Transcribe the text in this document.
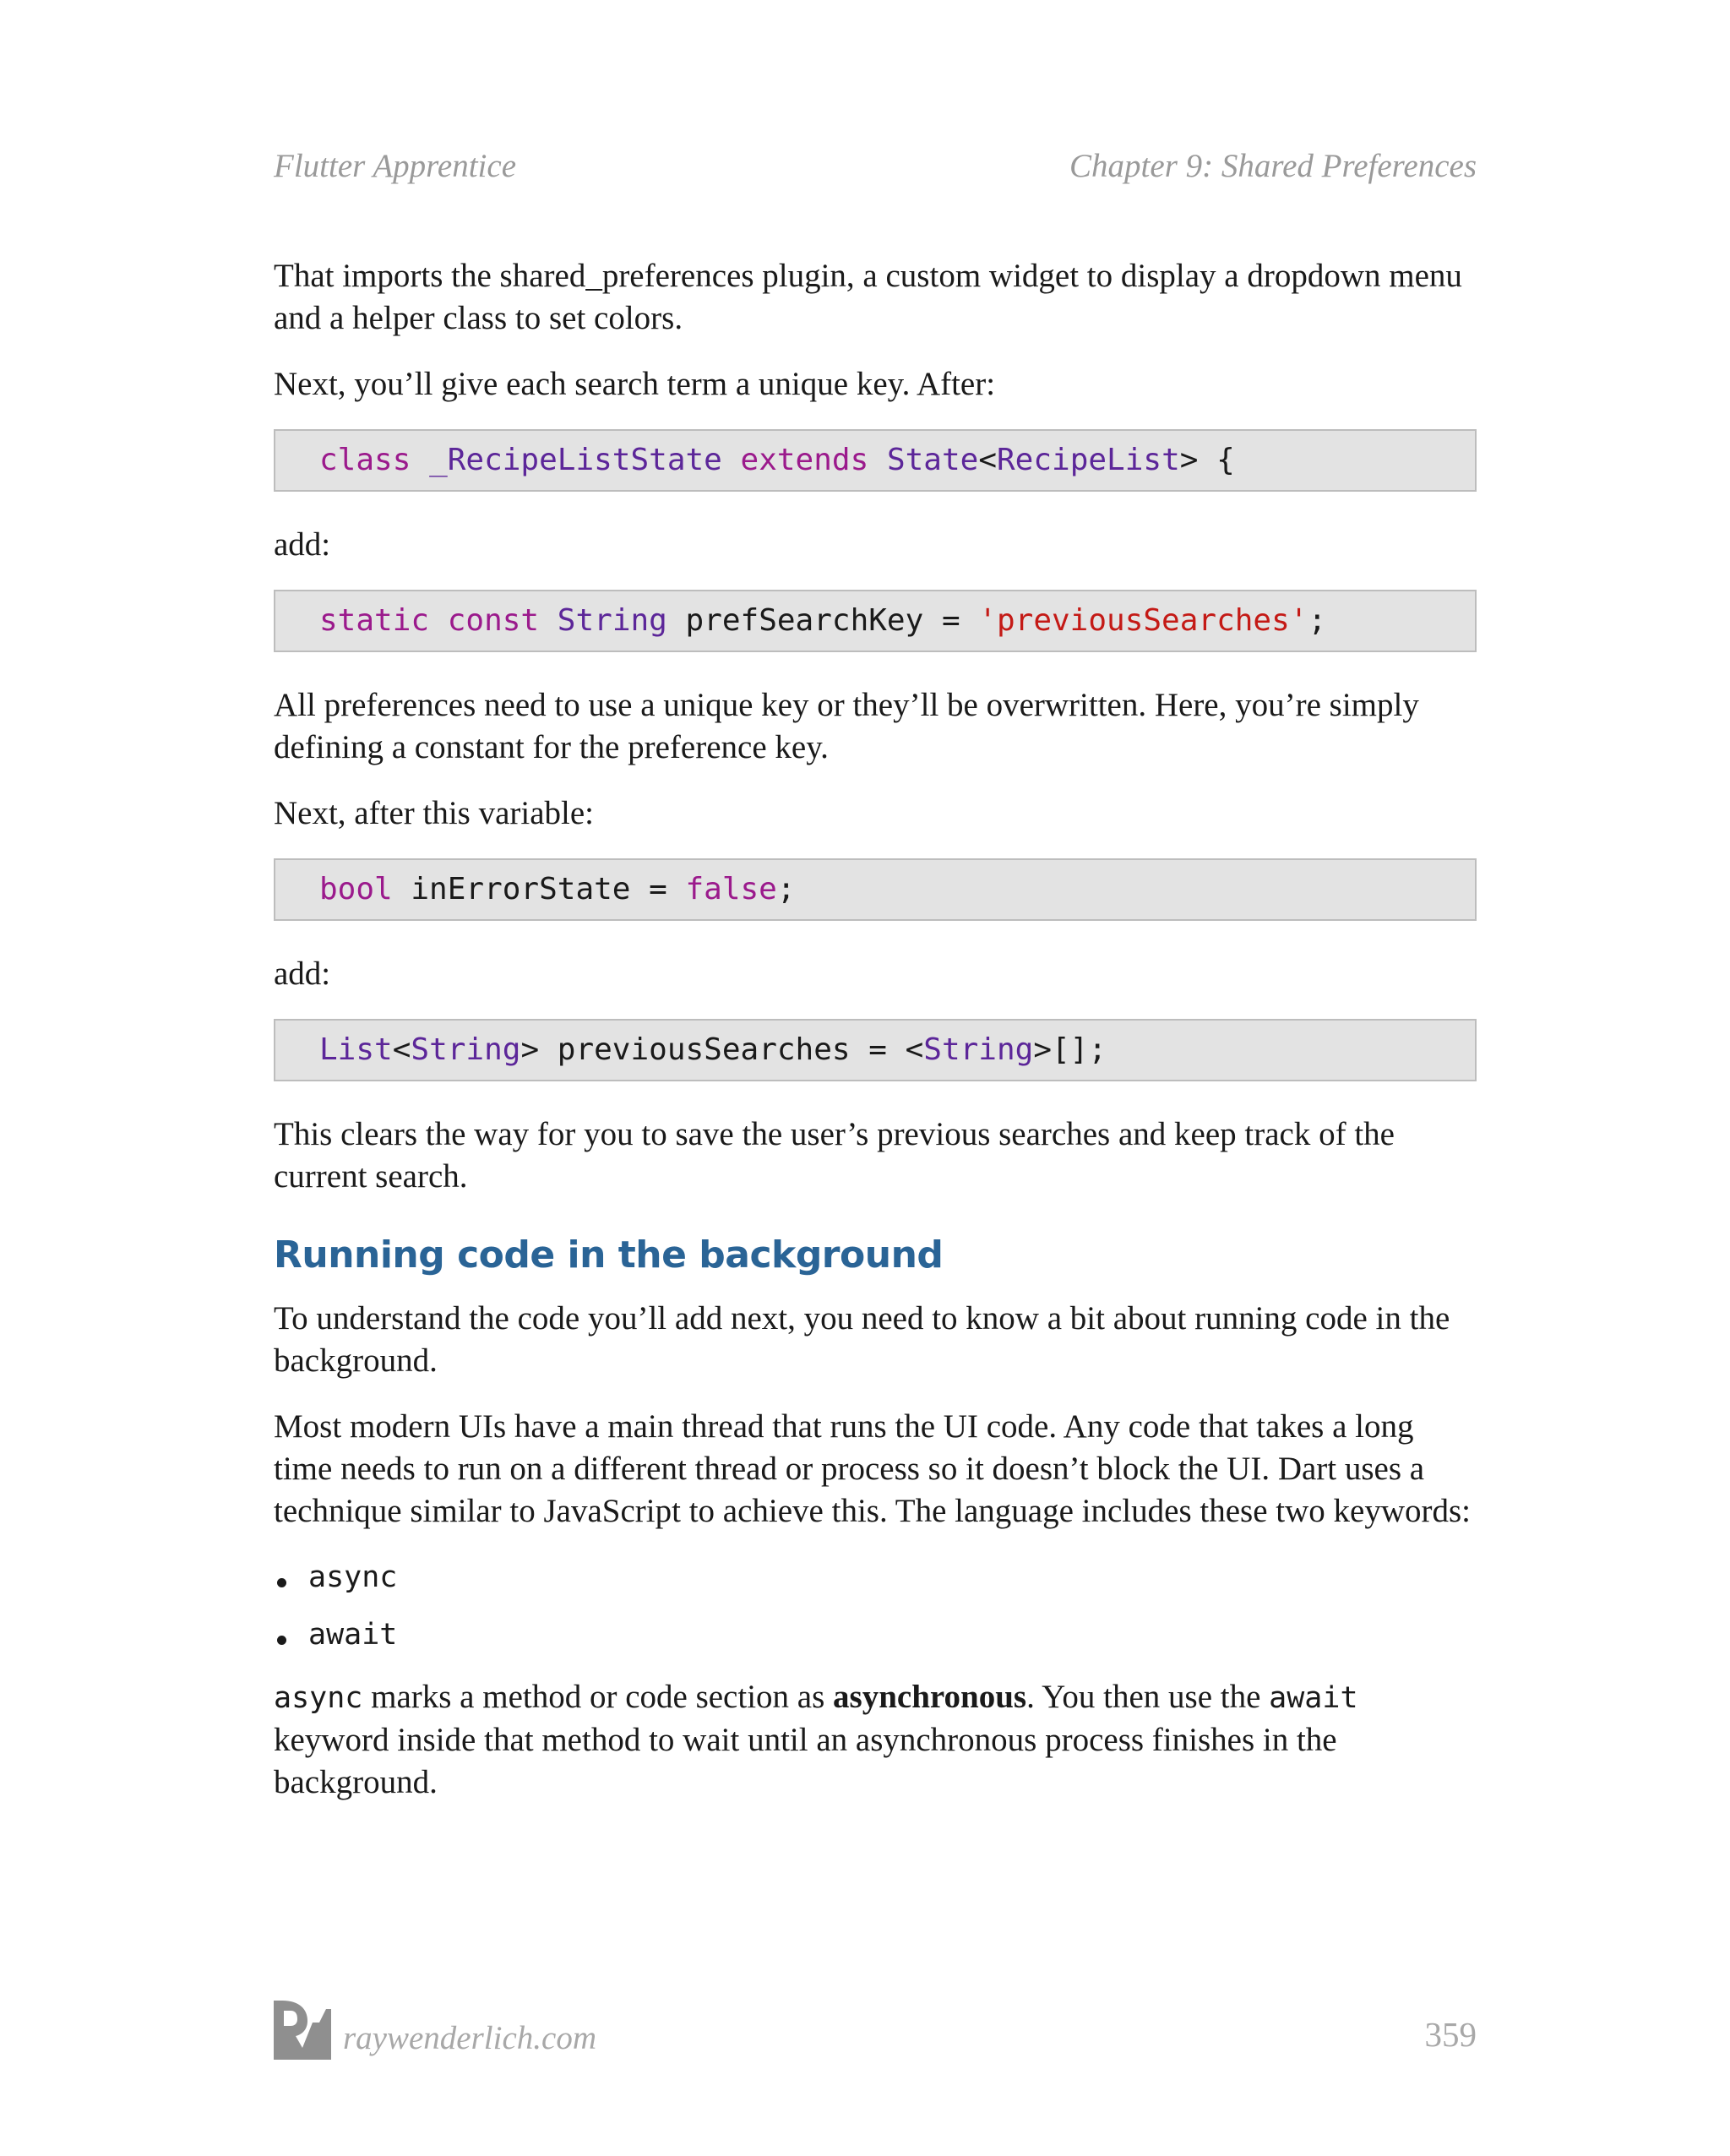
Flutter Apprentice	Chapter 9: Shared Preferences

That imports the shared_preferences plugin, a custom widget to display a dropdown menu and a helper class to set colors.

Next, you’ll give each search term a unique key. After:

class _RecipeListState extends State<RecipeList> {
add:
static const String prefSearchKey = 'previousSearches';

All preferences need to use a unique key or they’ll be overwritten. Here, you’re simply defining a constant for the preference key.

Next, after this variable:

bool inErrorState = false;
add:
List<String> previousSearches = <String>[];

This clears the way for you to save the user’s previous searches and keep track of the current search.

Running code in the background

To understand the code you’ll add next, you need to know a bit about running code in the background.

Most modern UIs have a main thread that runs the UI code. Any code that takes a long time needs to run on a different thread or process so it doesn’t block the UI. Dart uses a technique similar to JavaScript to achieve this. The language includes these two keywords:

async
await

async marks a method or code section as asynchronous. You then use the await keyword inside that method to wait until an asynchronous process finishes in the background.

raywenderlich.com	359
